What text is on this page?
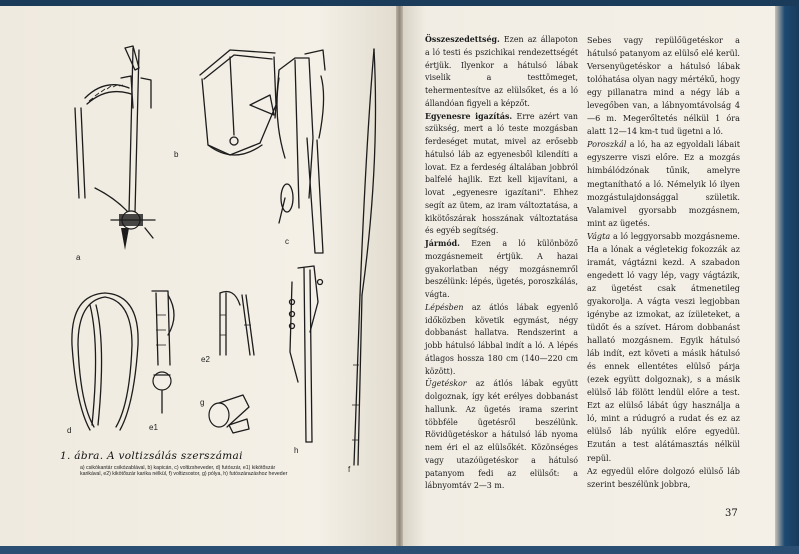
a
b
c
f
d	e1
e2
g
h
1. ábra. A voltizsálás szerszámai
a) csikókantár csikózablával, b) kapicán, c) voltizsheveder, d) futószár, e1) kikötőszár karikával, e2) kikötőszár karika nélkül, f) voltizsostor, g) pólya, h) futószárazáshoz heveder

Összeszedettség. Ezen az állapoton a ló testi és pszichikai rendezettségét értjük. Ilyenkor a hátulsó lábak viselik a testtömeget, tehermentesítve az elülsőket, és a ló állandóan figyeli a képzőt.

Egyenesre igazítás. Erre azért van szükség, mert a ló teste mozgásban ferdeséget mutat, mivel az erősebb hátulsó láb az egyenesből kilendíti a lovat. Ez a ferdeség általában jobbról balfelé hajlik. Ezt kell kijavítani, a lovat „egyenesre igazítani". Ehhez segít az ütem, az iram változtatása, a kikötőszárak hosszának változtatása és egyéb segítség.

Jármód. Ezen a ló különböző mozgásnemeit értjük. A hazai gyakorlatban négy mozgásnemről beszélünk: lépés, ügetés, poroszkálás, vágta.

Lépésben az átlós lábak egyenlő időközben követik egymást, négy dobbanást hallatva. Rendszerint a jobb hátulsó lábbal indít a ló. A lépés átlagos hossza 180 cm (140—220 cm között).

Ügetéskor az átlós lábak együtt dolgoznak, így két erélyes dobbanást hallunk. Az ügetés irama szerint többféle ügetésről beszélünk. Rövidügetéskor a hátulsó láb nyoma nem éri el az elülsőkét. Közönséges vagy utazóügetéskor a hátulsó patanyom fedi az elülsőt: a lábnyomtáv 2—3 m.

Sebes vagy repülőügetéskor a hátulsó patanyom az elülső elé kerül. Versenyügetéskor a hátulsó lábak tolóhatása olyan nagy mértékű, hogy egy pillanatra mind a négy láb a levegőben van, a lábnyomtávolság 4—6 m. Megerőltetés nélkül 1 óra alatt 12—14 km-t tud ügetni a ló.

Poroszkál a ló, ha az egyoldali lábait egyszerre viszi előre. Ez a mozgás himbálódzónak tűnik, amelyre megtanítható a ló. Némelyik ló ilyen mozgástulajdonsággal születik. Valamivel gyorsabb mozgásnem, mint az ügetés.

Vágta a ló leggyorsabb mozgásneme. Ha a lónak a végletekig fokozzák az iramát, vágtázni kezd. A szabadon engedett ló vagy lép, vagy vágtázik, az ügetést csak átmenetileg gyakorolja. A vágta veszi legjobban igénybe az izmokat, az ízületeket, a tüdőt és a szívet. Három dobbanást hallató mozgásnem. Egyik hátulsó láb indít, ezt követi a másik hátulsó és ennek ellentétes elülső párja (ezek együtt dolgoznak), s a másik elülső láb fölött lendül előre a test. Ezt az elülső lábát úgy használja a ló, mint a rúdugró a rudat és ez az elülső láb nyúlik előre egyedül. Ezután a test alátámasztás nélkül repül.

Az egyedül előre dolgozó elülső láb szerint beszélünk jobbra,

37
